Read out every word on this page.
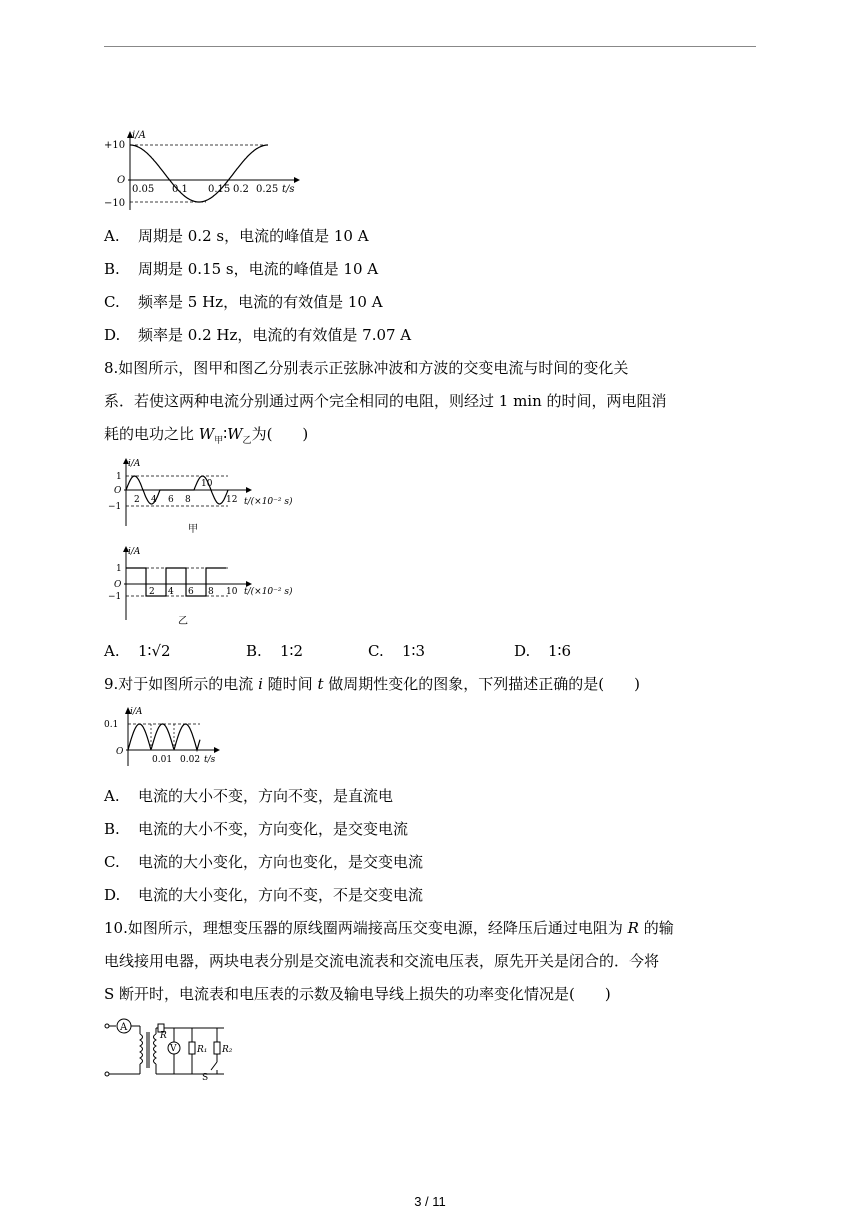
i/A
+10
−10
O
0.05 0.1 0.15 0.2 0.25 t/s
A. 周期是 0.2 s，电流的峰值是 10 A
B. 周期是 0.15 s，电流的峰值是 10 A
C. 频率是 5 Hz，电流的有效值是 10 A
D. 频率是 0.2 Hz，电流的有效值是 7.07 A
8.如图所示，图甲和图乙分别表示正弦脉冲波和方波的交变电流与时间的变化关
系．若使这两种电流分别通过两个完全相同的电阻，则经过 1 min 的时间，两电阻消
耗的电功之比 $W_甲∶W_乙$为(　　)
i/A
1
−1
O
2 4 6 8
10
12 t/(×10⁻² s)
甲
i/A
1
−1
O
2 4 6 8 10 t/(×10⁻² s)
乙
A. 1∶√2	B. 1∶2	C. 1∶3	D. 1∶6
9.对于如图所示的电流 i 随时间 t 做周期性变化的图象，下列描述正确的是(　　)
i/A
0.1
O
0.01 0.02 t/s
A. 电流的大小不变，方向不变，是直流电
B. 电流的大小不变，方向变化，是交变电流
C. 电流的大小变化，方向也变化，是交变电流
D. 电流的大小变化，方向不变，不是交变电流
10.如图所示，理想变压器的原线圈两端接高压交变电源，经降压后通过电阻为 R 的输
电线接用电器，两块电表分别是交流电流表和交流电压表，原先开关是闭合的．今将
S 断开时，电流表和电压表的示数及输电导线上损失的功率变化情况是(　　)
A
R
V R₁ R₂
S
3 / 11
